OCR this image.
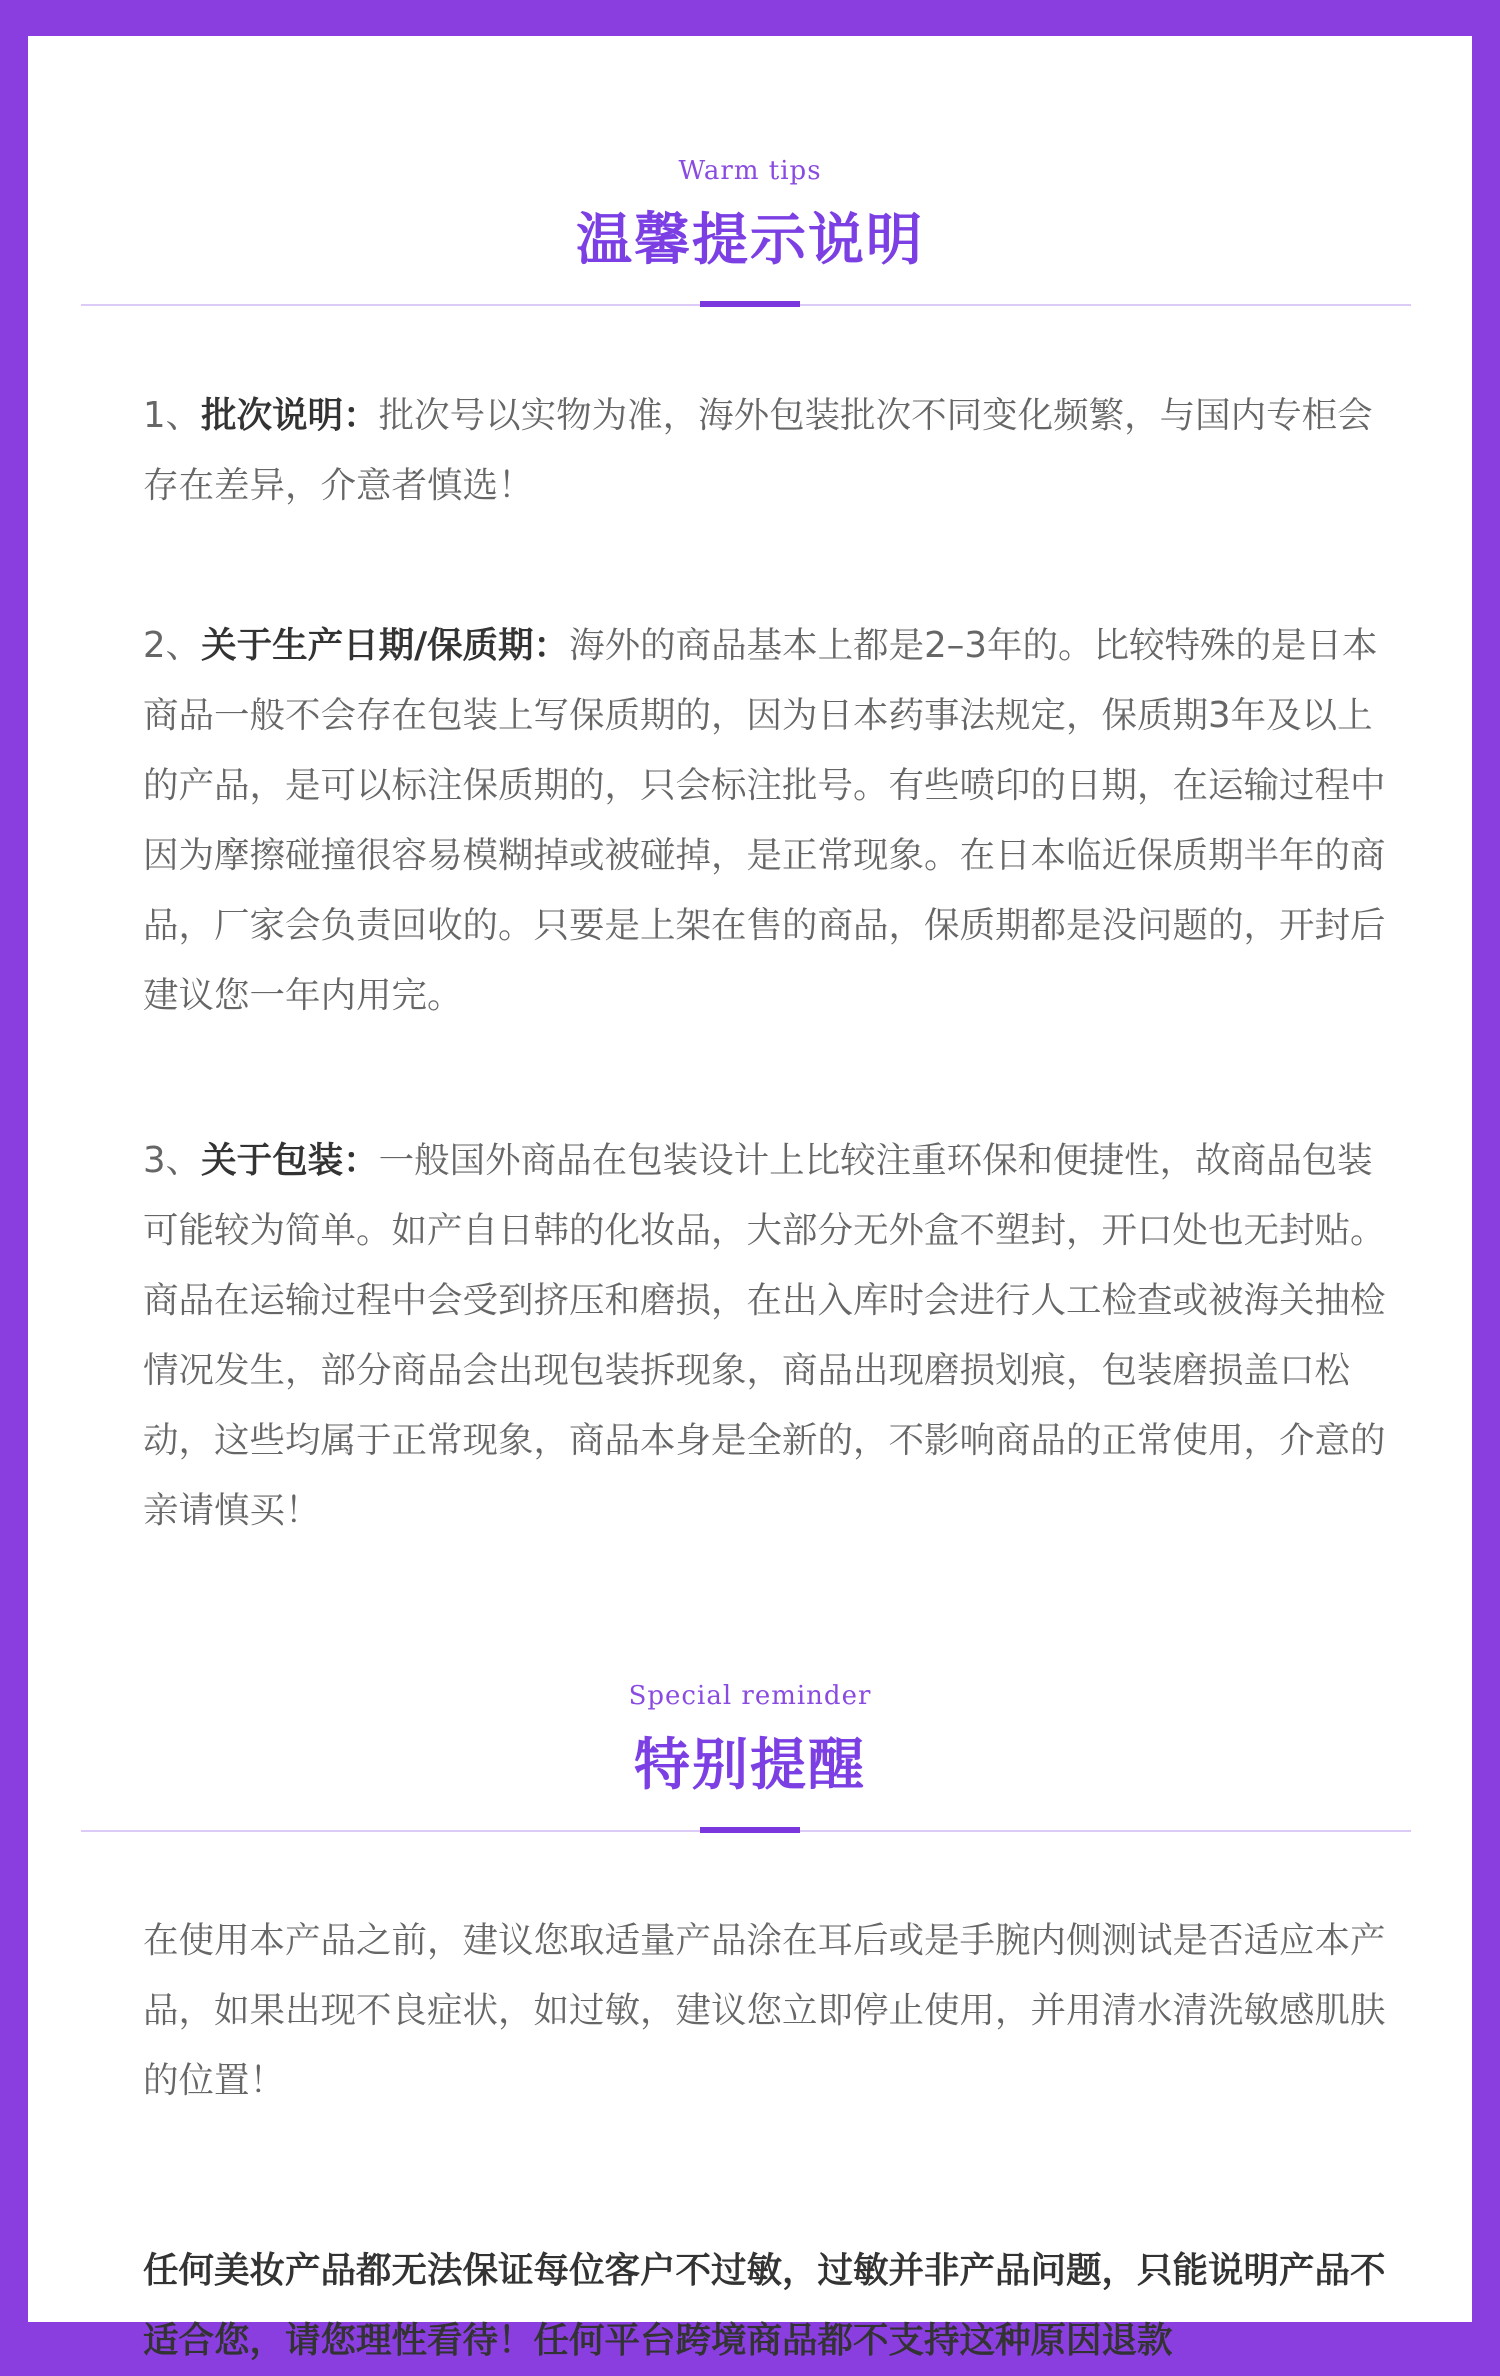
Warm tips
温馨提示说明

1、批次说明：批次号以实物为准，海外包装批次不同变化频繁，与国内专柜会存在差异，介意者慎选！

2、关于生产日期/保质期：海外的商品基本上都是2–3年的。比较特殊的是日本商品一般不会存在包装上写保质期的，因为日本药事法规定，保质期3年及以上的产品，是可以标注保质期的，只会标注批号。有些喷印的日期，在运输过程中因为摩擦碰撞很容易模糊掉或被碰掉，是正常现象。在日本临近保质期半年的商品，厂家会负责回收的。只要是上架在售的商品，保质期都是没问题的，开封后建议您一年内用完。

3、关于包装：一般国外商品在包装设计上比较注重环保和便捷性，故商品包装可能较为简单。如产自日韩的化妆品，大部分无外盒不塑封，开口处也无封贴。商品在运输过程中会受到挤压和磨损，在出入库时会进行人工检查或被海关抽检情况发生，部分商品会出现包装拆现象，商品出现磨损划痕，包装磨损盖口松动，这些均属于正常现象，商品本身是全新的，不影响商品的正常使用，介意的亲请慎买！

Special reminder
特别提醒

在使用本产品之前，建议您取适量产品涂在耳后或是手腕内侧测试是否适应本产品，如果出现不良症状，如过敏，建议您立即停止使用，并用清水清洗敏感肌肤的位置！

任何美妆产品都无法保证每位客户不过敏，过敏并非产品问题，只能说明产品不适合您，请您理性看待！任何平台跨境商品都不支持这种原因退款
